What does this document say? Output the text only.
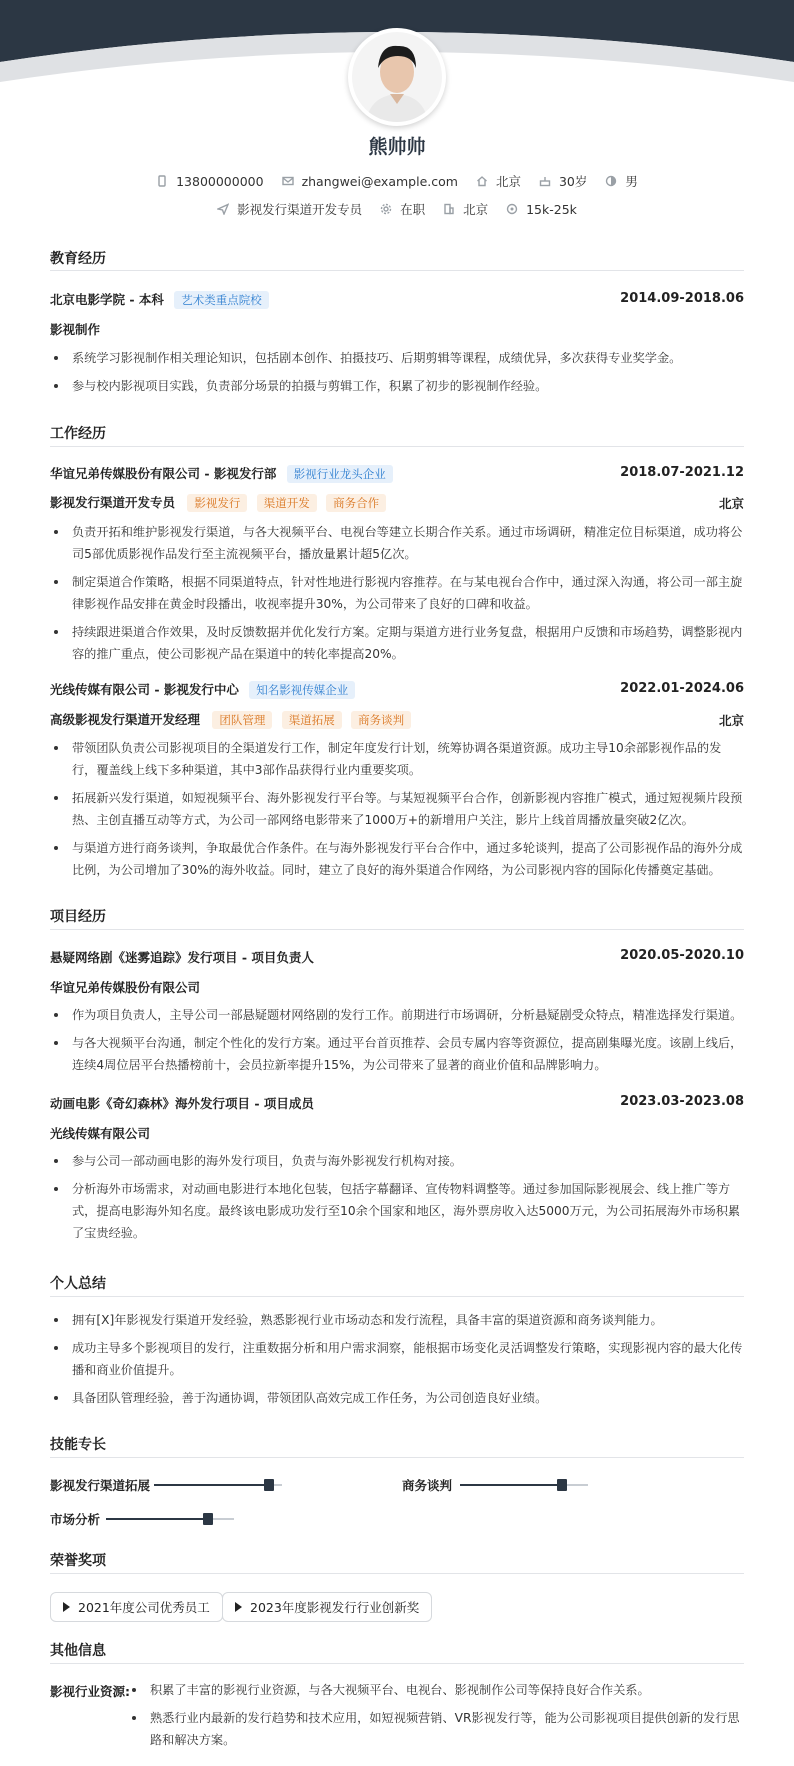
熊帅帅
13800000000	zhangwei@example.com	北京	30岁	男
影视发行渠道开发专员	在职	北京	15k-25k
教育经历
北京电影学院 - 本科 艺术类重点院校	2014.09-2018.06
影视制作
系统学习影视制作相关理论知识，包括剧本创作、拍摄技巧、后期剪辑等课程，成绩优异，多次获得专业奖学金。
参与校内影视项目实践，负责部分场景的拍摄与剪辑工作，积累了初步的影视制作经验。
工作经历
华谊兄弟传媒股份有限公司 - 影视发行部 影视行业龙头企业	2018.07-2021.12
影视发行渠道开发专员 影视发行 渠道开发 商务合作	北京
负责开拓和维护影视发行渠道，与各大视频平台、电视台等建立长期合作关系。通过市场调研，精准定位目标渠道，成功将公司5部优质影视作品发行至主流视频平台，播放量累计超5亿次。
制定渠道合作策略，根据不同渠道特点，针对性地进行影视内容推荐。在与某电视台合作中，通过深入沟通，将公司一部主旋律影视作品安排在黄金时段播出，收视率提升30%，为公司带来了良好的口碑和收益。
持续跟进渠道合作效果，及时反馈数据并优化发行方案。定期与渠道方进行业务复盘，根据用户反馈和市场趋势，调整影视内容的推广重点，使公司影视产品在渠道中的转化率提高20%。
光线传媒有限公司 - 影视发行中心 知名影视传媒企业	2022.01-2024.06
高级影视发行渠道开发经理 团队管理 渠道拓展 商务谈判	北京
带领团队负责公司影视项目的全渠道发行工作，制定年度发行计划，统筹协调各渠道资源。成功主导10余部影视作品的发行，覆盖线上线下多种渠道，其中3部作品获得行业内重要奖项。
拓展新兴发行渠道，如短视频平台、海外影视发行平台等。与某短视频平台合作，创新影视内容推广模式，通过短视频片段预热、主创直播互动等方式，为公司一部网络电影带来了1000万+的新增用户关注，影片上线首周播放量突破2亿次。
与渠道方进行商务谈判，争取最优合作条件。在与海外影视发行平台合作中，通过多轮谈判，提高了公司影视作品的海外分成比例，为公司增加了30%的海外收益。同时，建立了良好的海外渠道合作网络，为公司影视内容的国际化传播奠定基础。
项目经历
悬疑网络剧《迷雾追踪》发行项目 - 项目负责人	2020.05-2020.10
华谊兄弟传媒股份有限公司
作为项目负责人，主导公司一部悬疑题材网络剧的发行工作。前期进行市场调研，分析悬疑剧受众特点，精准选择发行渠道。
与各大视频平台沟通，制定个性化的发行方案。通过平台首页推荐、会员专属内容等资源位，提高剧集曝光度。该剧上线后，连续4周位居平台热播榜前十，会员拉新率提升15%，为公司带来了显著的商业价值和品牌影响力。
动画电影《奇幻森林》海外发行项目 - 项目成员	2023.03-2023.08
光线传媒有限公司
参与公司一部动画电影的海外发行项目，负责与海外影视发行机构对接。
分析海外市场需求，对动画电影进行本地化包装，包括字幕翻译、宣传物料调整等。通过参加国际影视展会、线上推广等方式，提高电影海外知名度。最终该电影成功发行至10余个国家和地区，海外票房收入达5000万元，为公司拓展海外市场积累了宝贵经验。
个人总结
拥有[X]年影视发行渠道开发经验，熟悉影视行业市场动态和发行流程，具备丰富的渠道资源和商务谈判能力。
成功主导多个影视项目的发行，注重数据分析和用户需求洞察，能根据市场变化灵活调整发行策略，实现影视内容的最大化传播和商业价值提升。
具备团队管理经验，善于沟通协调，带领团队高效完成工作任务，为公司创造良好业绩。
技能专长
影视发行渠道拓展	商务谈判
市场分析
荣誉奖项
2021年度公司优秀员工	2023年度影视发行行业创新奖
其他信息
影视行业资源:	积累了丰富的影视行业资源，与各大视频平台、电视台、影视制作公司等保持良好合作关系。
熟悉行业内最新的发行趋势和技术应用，如短视频营销、VR影视发行等，能为公司影视项目提供创新的发行思路和解决方案。
